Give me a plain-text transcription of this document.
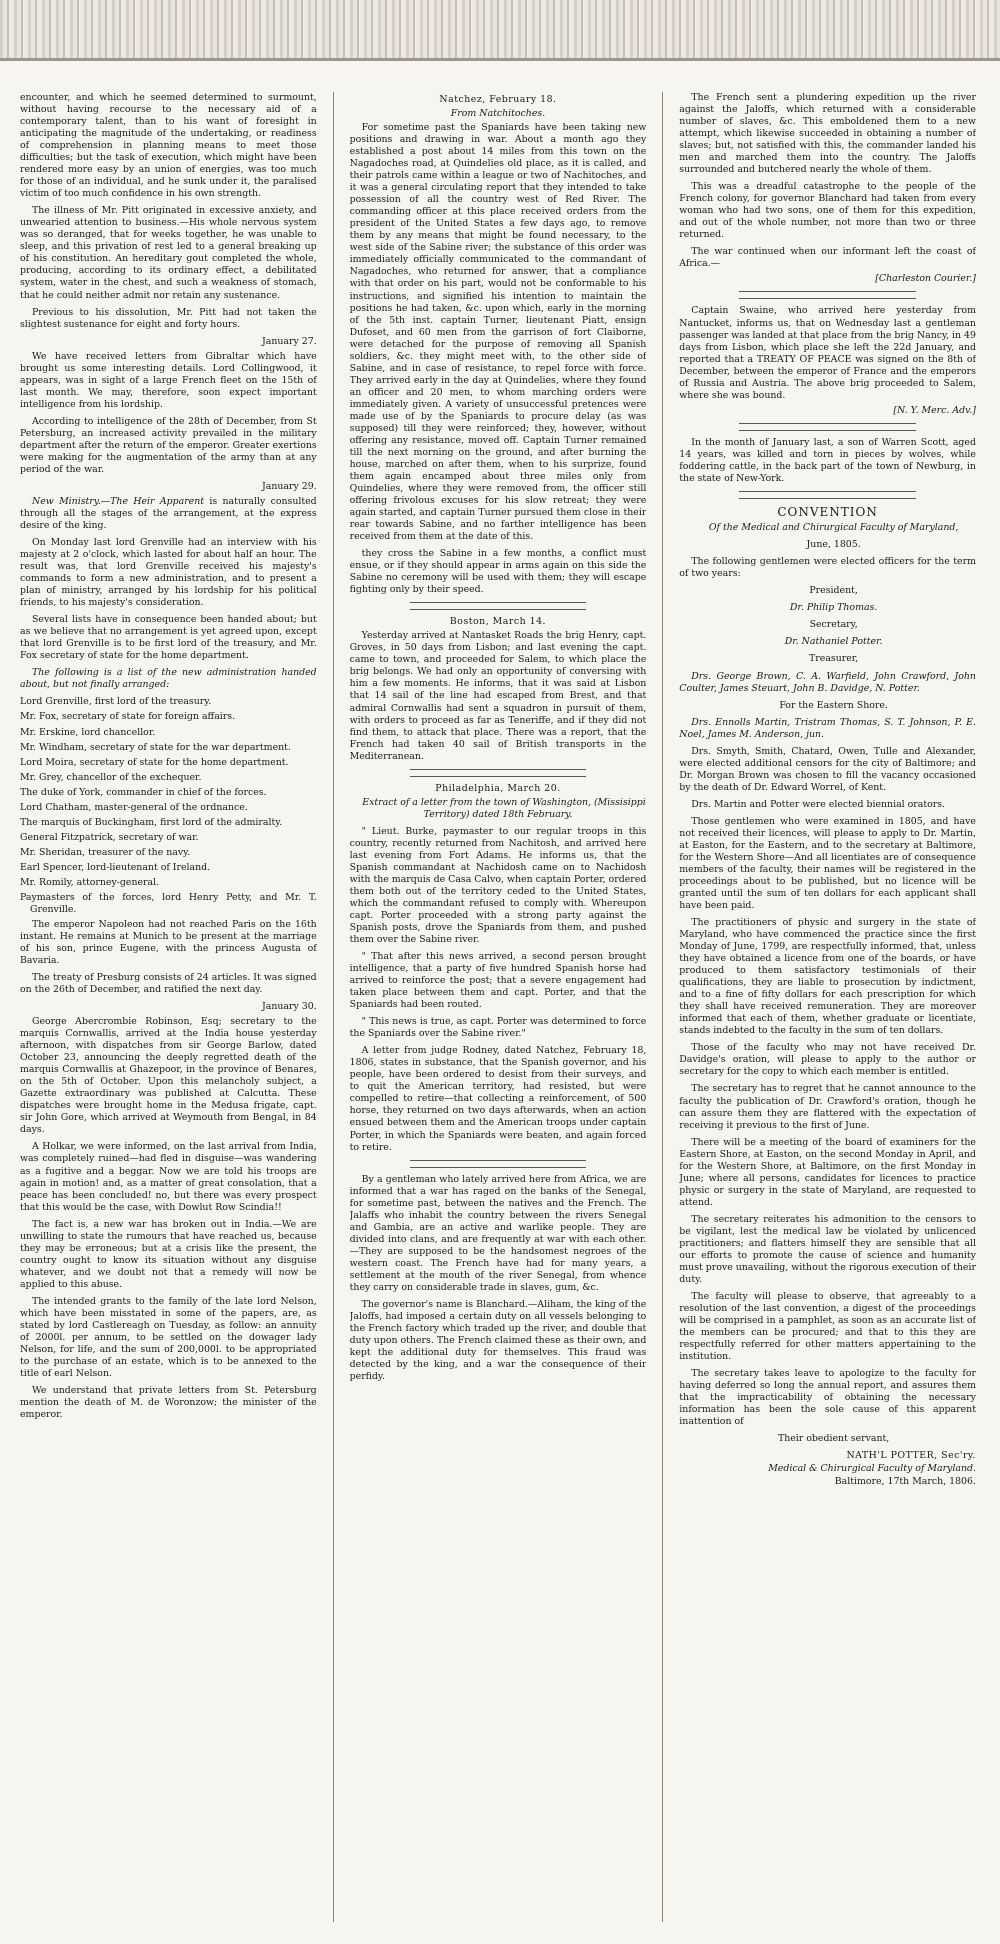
encounter, and which he seemed determined to surmount, without having recourse to the necessary aid of a contemporary talent, than to his want of foresight in anticipating the magnitude of the undertaking, or readiness of comprehension in planning means to meet those difficulties; but the task of execution, which might have been rendered more easy by an union of energies, was too much for those of an individual, and he sunk under it, the paralised victim of too much confidence in his own strength.

The illness of Mr. Pitt originated in excessive anxiety, and unwearied attention to business.—His whole nervous system was so deranged, that for weeks together, he was unable to sleep, and this privation of rest led to a general breaking up of his constitution. An hereditary gout completed the whole, producing, according to its ordinary effect, a debilitated system, water in the chest, and such a weakness of stomach, that he could neither admit nor retain any sustenance.

Previous to his dissolution, Mr. Pitt had not taken the slightest sustenance for eight and forty hours.

January 27.

We have received letters from Gibraltar which have brought us some interesting details. Lord Collingwood, it appears, was in sight of a large French fleet on the 15th of last month. We may, therefore, soon expect important intelligence from his lordship.

According to intelligence of the 28th of December, from St Petersburg, an increased activity prevailed in the military department after the return of the emperor. Greater exertions were making for the augmentation of the army than at any period of the war.

January 29.

New Ministry.—The Heir Apparent is naturally consulted through all the stages of the arrangement, at the express desire of the king.

On Monday last lord Grenville had an interview with his majesty at 2 o'clock, which lasted for about half an hour. The result was, that lord Grenville received his majesty's commands to form a new administration, and to present a plan of ministry, arranged by his lordship for his political friends, to his majesty's consideration.

Several lists have in consequence been handed about; but as we believe that no arrangement is yet agreed upon, except that lord Grenville is to be first lord of the treasury, and Mr. Fox secretary of state for the home department.

The following is a list of the new administration handed about, but not finally arranged:

Lord Grenville, first lord of the treasury.
Mr. Fox, secretary of state for foreign affairs.
Mr. Erskine, lord chancellor.
Mr. Windham, secretary of state for the war department.
Lord Moira, secretary of state for the home department.
Mr. Grey, chancellor of the exchequer.
The duke of York, commander in chief of the forces.
Lord Chatham, master-general of the ordnance.
The marquis of Buckingham, first lord of the admiralty.
General Fitzpatrick, secretary of war.
Mr. Sheridan, treasurer of the navy.
Earl Spencer, lord-lieutenant of Ireland.
Mr. Romily, attorney-general.
Paymasters of the forces, lord Henry Petty, and Mr. T. Grenville.

The emperor Napoleon had not reached Paris on the 16th instant. He remains at Munich to be present at the marriage of his son, prince Eugene, with the princess Augusta of Bavaria.

The treaty of Presburg consists of 24 articles. It was signed on the 26th of December, and ratified the next day.

January 30.

George Abercrombie Robinson, Esq; secretary to the marquis Cornwallis, arrived at the India house yesterday afternoon, with dispatches from sir George Barlow, dated October 23, announcing the deeply regretted death of the marquis Cornwallis at Ghazepoor, in the province of Benares, on the 5th of October. Upon this melancholy subject, a Gazette extraordinary was published at Calcutta. These dispatches were brought home in the Medusa frigate, capt. sir John Gore, which arrived at Weymouth from Bengal, in 84 days.

A Holkar, we were informed, on the last arrival from India, was completely ruined—had fled in disguise—was wandering as a fugitive and a beggar. Now we are told his troops are again in motion! and, as a matter of great consolation, that a peace has been concluded! no, but there was every prospect that this would be the case, with Dowlut Row Scindia!!

The fact is, a new war has broken out in India.—We are unwilling to state the rumours that have reached us, because they may be erroneous; but at a crisis like the present, the country ought to know its situation without any disguise whatever, and we doubt not that a remedy will now be applied to this abuse.

The intended grants to the family of the late lord Nelson, which have been misstated in some of the papers, are, as stated by lord Castlereagh on Tuesday, as follow: an annuity of 2000l. per annum, to be settled on the dowager lady Nelson, for life, and the sum of 200,000l. to be appropriated to the purchase of an estate, which is to be annexed to the title of earl Nelson.

We understand that private letters from St. Petersburg mention the death of M. de Woronzow; the minister of the emperor.

Natchez, February 18.
From Natchitoches.

For sometime past the Spaniards have been taking new positions and drawing in war. About a month ago they established a post about 14 miles from this town on the Nagadoches road, at Quindelies old place, as it is called, and their patrols came within a league or two of Nachitoches, and it was a general circulating report that they intended to take possession of all the country west of Red River. The commanding officer at this place received orders from the president of the United States a few days ago, to remove them by any means that might be found necessary, to the west side of the Sabine river; the substance of this order was immediately officially communicated to the commandant of Nagadoches, who returned for answer, that a compliance with that order on his part, would not be conformable to his instructions, and signified his intention to maintain the positions he had taken, &c. upon which, early in the morning of the 5th inst. captain Turner, lieutenant Piatt, ensign Dufoset, and 60 men from the garrison of fort Claiborne, were detached for the purpose of removing all Spanish soldiers, &c. they might meet with, to the other side of Sabine, and in case of resistance, to repel force with force. They arrived early in the day at Quindelies, where they found an officer and 20 men, to whom marching orders were immediately given. A variety of unsuccessful pretences were made use of by the Spaniards to procure delay (as was supposed) till they were reinforced; they, however, without offering any resistance, moved off. Captain Turner remained till the next morning on the ground, and after burning the house, marched on after them, when to his surprize, found them again encamped about three miles only from Quindelies, where they were removed from, the officer still offering frivolous excuses for his slow retreat; they were again started, and captain Turner pursued them close in their rear towards Sabine, and no farther intelligence has been received from them at the date of this.

they cross the Sabine in a few months, a conflict must ensue, or if they should appear in arms again on this side the Sabine no ceremony will be used with them; they will escape fighting only by their speed.

Boston, March 14.

Yesterday arrived at Nantasket Roads the brig Henry, capt. Groves, in 50 days from Lisbon; and last evening the capt. came to town, and proceeded for Salem, to which place the brig belongs. We had only an opportunity of conversing with him a few moments. He informs, that it was said at Lisbon that 14 sail of the line had escaped from Brest, and that admiral Cornwallis had sent a squadron in pursuit of them, with orders to proceed as far as Teneriffe, and if they did not find them, to attack that place. There was a report, that the French had taken 40 sail of British transports in the Mediterranean.

Philadelphia, March 20.

Extract of a letter from the town of Washington, (Missisippi Territory) dated 18th February.

" Lieut. Burke, paymaster to our regular troops in this country, recently returned from Nachitosh, and arrived here last evening from Fort Adams. He informs us, that the Spanish commandant at Nachidosh came on to Nachidosh with the marquis de Casa Calvo, when captain Porter, ordered them both out of the territory ceded to the United States, which the commandant refused to comply with. Whereupon capt. Porter proceeded with a strong party against the Spanish posts, drove the Spaniards from them, and pushed them over the Sabine river.

" That after this news arrived, a second person brought intelligence, that a party of five hundred Spanish horse had arrived to reinforce the post; that a severe engagement had taken place between them and capt. Porter, and that the Spaniards had been routed.

" This news is true, as capt. Porter was determined to force the Spaniards over the Sabine river."

A letter from judge Rodney, dated Natchez, February 18, 1806, states in substance, that the Spanish governor, and his people, have been ordered to desist from their surveys, and to quit the American territory, had resisted, but were compelled to retire—that collecting a reinforcement, of 500 horse, they returned on two days afterwards, when an action ensued between them and the American troops under captain Porter, in which the Spaniards were beaten, and again forced to retire.

By a gentleman who lately arrived here from Africa, we are informed that a war has raged on the banks of the Senegal, for sometime past, between the natives and the French. The Jalaffs who inhabit the country between the rivers Senegal and Gambia, are an active and warlike people. They are divided into clans, and are frequently at war with each other.—They are supposed to be the handsomest negroes of the western coast. The French have had for many years, a settlement at the mouth of the river Senegal, from whence they carry on considerable trade in slaves, gum, &c.

The governor's name is Blanchard.—Aliham, the king of the Jaloffs, had imposed a certain duty on all vessels belonging to the French factory which traded up the river, and double that duty upon others. The French claimed these as their own, and kept the additional duty for themselves. This fraud was detected by the king, and a war the consequence of their perfidy.

The French sent a plundering expedition up the river against the Jaloffs, which returned with a considerable number of slaves, &c. This emboldened them to a new attempt, which likewise succeeded in obtaining a number of slaves; but, not satisfied with this, the commander landed his men and marched them into the country. The Jaloffs surrounded and butchered nearly the whole of them.

This was a dreadful catastrophe to the people of the French colony, for governor Blanchard had taken from every woman who had two sons, one of them for this expedition, and out of the whole number, not more than two or three returned.

The war continued when our informant left the coast of Africa.—

[Charleston Courier.]

Captain Swaine, who arrived here yesterday from Nantucket, informs us, that on Wednesday last a gentleman passenger was landed at that place from the brig Nancy, in 49 days from Lisbon, which place she left the 22d January, and reported that a TREATY OF PEACE was signed on the 8th of December, between the emperor of France and the emperors of Russia and Austria. The above brig proceeded to Salem, where she was bound.

[N. Y. Merc. Adv.]

In the month of January last, a son of Warren Scott, aged 14 years, was killed and torn in pieces by wolves, while foddering cattle, in the back part of the town of Newburg, in the state of New-York.

CONVENTION

Of the Medical and Chirurgical Faculty of Maryland,

June, 1805.

The following gentlemen were elected officers for the term of two years:

President,

Dr. Philip Thomas.

Secretary,

Dr. Nathaniel Potter.

Treasurer,

Drs. George Brown, C. A. Warfield, John Crawford, John Coulter, James Steuart, John B. Davidge, N. Potter.

For the Eastern Shore.

Drs. Ennolls Martin, Tristram Thomas, S. T. Johnson, P. E. Noel, James M. Anderson, jun.

Drs. Smyth, Smith, Chatard, Owen, Tulle and Alexander, were elected additional censors for the city of Baltimore; and Dr. Morgan Brown was chosen to fill the vacancy occasioned by the death of Dr. Edward Worrel, of Kent.

Drs. Martin and Potter were elected biennial orators.

Those gentlemen who were examined in 1805, and have not received their licences, will please to apply to Dr. Martin, at Easton, for the Eastern, and to the secretary at Baltimore, for the Western Shore—And all licentiates are of consequence members of the faculty, their names will be registered in the proceedings about to be published, but no licence will be granted until the sum of ten dollars for each applicant shall have been paid.

The practitioners of physic and surgery in the state of Maryland, who have commenced the practice since the first Monday of June, 1799, are respectfully informed, that, unless they have obtained a licence from one of the boards, or have produced to them satisfactory testimonials of their qualifications, they are liable to prosecution by indictment, and to a fine of fifty dollars for each prescription for which they shall have received remuneration. They are moreover informed that each of them, whether graduate or licentiate, stands indebted to the faculty in the sum of ten dollars.

Those of the faculty who may not have received Dr. Davidge's oration, will please to apply to the author or secretary for the copy to which each member is entitled.

The secretary has to regret that he cannot announce to the faculty the publication of Dr. Crawford's oration, though he can assure them they are flattered with the expectation of receiving it previous to the first of June.

There will be a meeting of the board of examiners for the Eastern Shore, at Easton, on the second Monday in April, and for the Western Shore, at Baltimore, on the first Monday in June; where all persons, candidates for licences to practice physic or surgery in the state of Maryland, are requested to attend.

The secretary reiterates his admonition to the censors to be vigilant, lest the medical law be violated by unlicenced practitioners; and flatters himself they are sensible that all our efforts to promote the cause of science and humanity must prove unavailing, without the rigorous execution of their duty.

The faculty will please to observe, that agreeably to a resolution of the last convention, a digest of the proceedings will be comprised in a pamphlet, as soon as an accurate list of the members can be procured; and that to this they are respectfully referred for other matters appertaining to the institution.

The secretary takes leave to apologize to the faculty for having deferred so long the annual report, and assures them that the impracticability of obtaining the necessary information has been the sole cause of this apparent inattention of

Their obedient servant,

NATH'L POTTER, Sec'ry.
Medical & Chirurgical Faculty of Maryland.
Baltimore, 17th March, 1806.
